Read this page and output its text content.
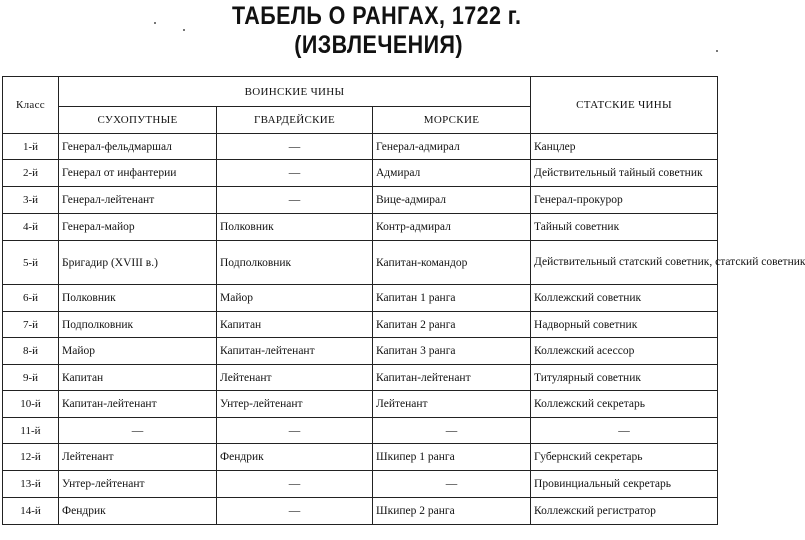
ТАБЕЛЬ О РАНГАХ, 1722 г.
(ИЗВЛЕЧЕНИЯ)
Класс	ВОИНСКИЕ ЧИНЫ			СТАТСКИЕ ЧИНЫ
	СУХОПУТНЫЕ	ГВАРДЕЙСКИЕ	МОРСКИЕ	
1-й	Генерал-фельдмаршал	—	Генерал-адмирал	Канцлер
2-й	Генерал от инфантерии	—	Адмирал	Действительный тайный советник
3-й	Генерал-лейтенант	—	Вице-адмирал	Генерал-прокурор
4-й	Генерал-майор	Полковник	Контр-адмирал	Тайный советник
5-й	Бригадир (XVIII в.)	Подполковник	Капитан-командор	Действительный статский советник, статский советник
6-й	Полковник	Майор	Капитан 1 ранга	Коллежский советник
7-й	Подполковник	Капитан	Капитан 2 ранга	Надворный советник
8-й	Майор	Капитан-лейтенант	Капитан 3 ранга	Коллежский асессор
9-й	Капитан	Лейтенант	Капитан-лейтенант	Титулярный советник
10-й	Капитан-лейтенант	Унтер-лейтенант	Лейтенант	Коллежский секретарь
11-й	—	—	—	—
12-й	Лейтенант	Фендрик	Шкипер 1 ранга	Губернский секретарь
13-й	Унтер-лейтенант	—	—	Провинциальный секретарь
14-й	Фендрик	—	Шкипер 2 ранга	Коллежский регистратор
